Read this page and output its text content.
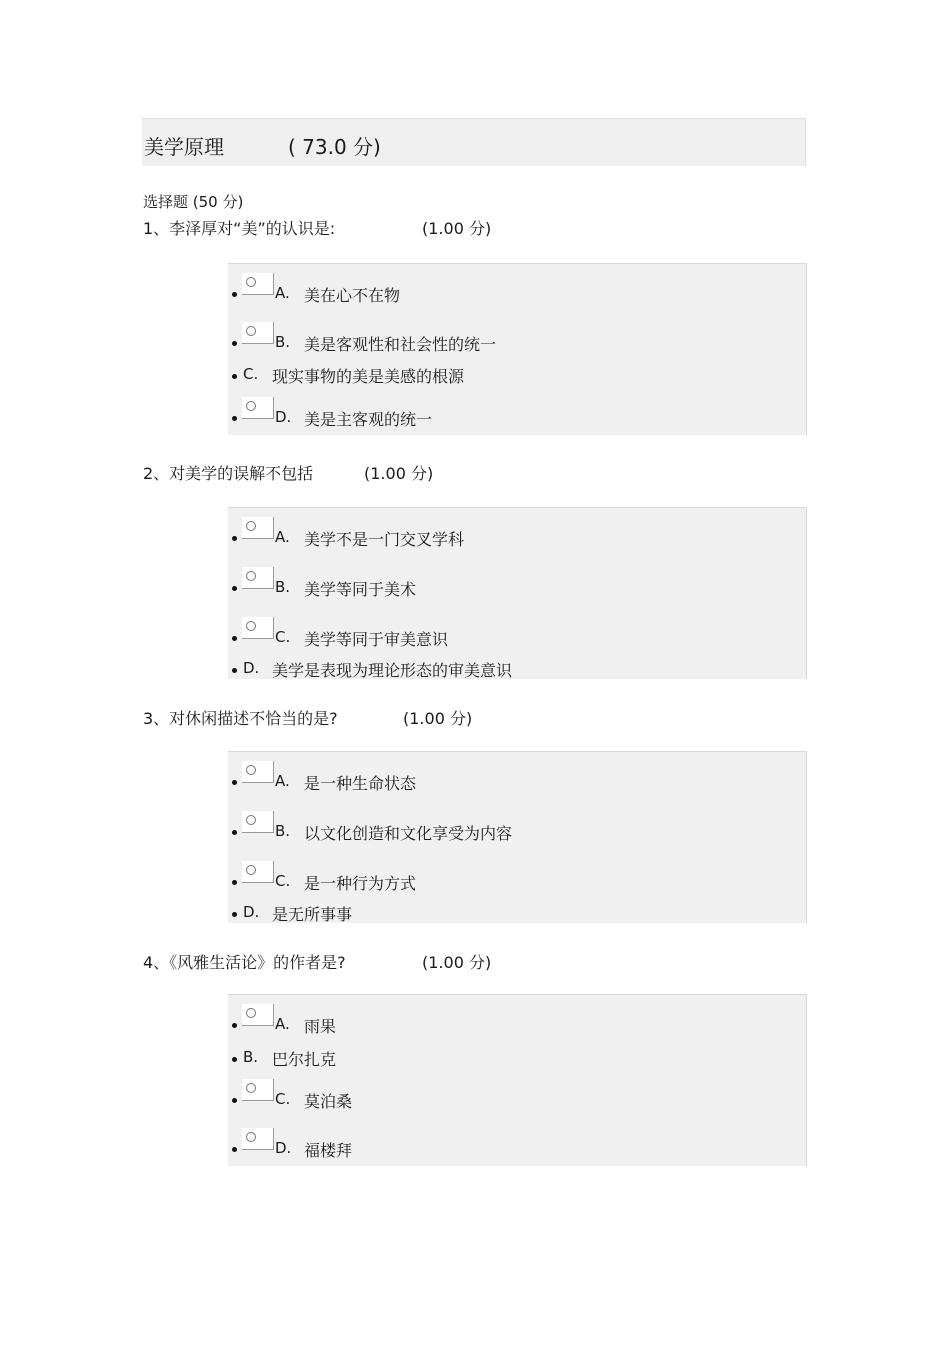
美学原理	( 73.0 分)
选择题 (50 分)
1、李泽厚对“美”的认识是:	(1.00 分)
A. 美在心不在物
B. 美是客观性和社会性的统一
C. 现实事物的美是美感的根源
D. 美是主客观的统一
2、对美学的误解不包括	(1.00 分)
A. 美学不是一门交叉学科
B. 美学等同于美术
C. 美学等同于审美意识
D. 美学是表现为理论形态的审美意识
3、对休闲描述不恰当的是?	(1.00 分)
A. 是一种生命状态
B. 以文化创造和文化享受为内容
C. 是一种行为方式
D. 是无所事事
4、《风雅生活论》的作者是?	(1.00 分)
A. 雨果
B. 巴尔扎克
C. 莫泊桑
D. 福楼拜
